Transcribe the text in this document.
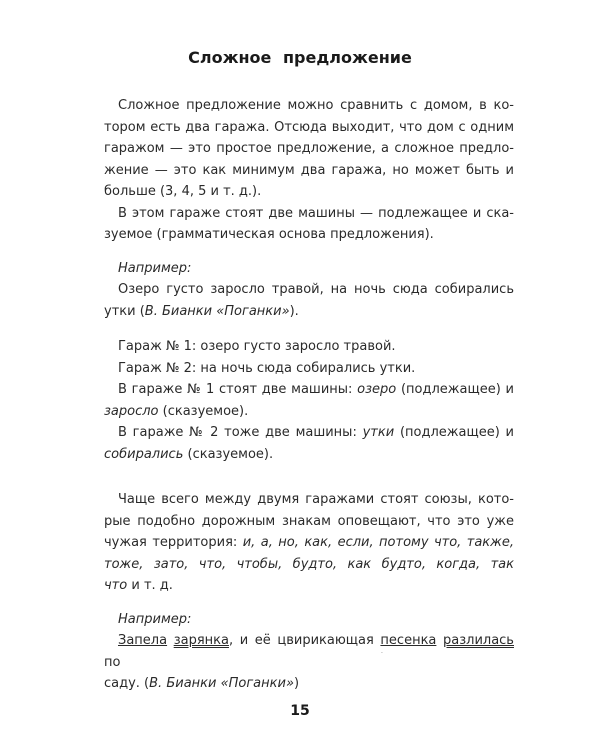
Сложное предложение
Сложное предложение можно сравнить с домом, в ко-
тором есть два гаража. Отсюда выходит, что дом с одним
гаражом — это простое предложение, а сложное предло-
жение — это как минимум два гаража, но может быть и
больше (3, 4, 5 и т. д.).
В этом гараже стоят две машины — подлежащее и ска-
зуемое (грамматическая основа предложения).
Например:
Озеро густо заросло травой, на ночь сюда собирались
утки (В. Бианки «Поганки»).
Гараж № 1: озеро густо заросло травой.
Гараж № 2: на ночь сюда собирались утки.
В гараже № 1 стоят две машины: озеро (подлежащее) и
заросло (сказуемое).
В гараже № 2 тоже две машины: утки (подлежащее) и
собирались (сказуемое).
Чаще всего между двумя гаражами стоят союзы, кото-
рые подобно дорожным знакам оповещают, что это уже
чужая территория: и, а, но, как, если, потому что, также,
тоже, зато, что, чтобы, будто, как будто, когда, так
что и т. д.
Например:
Запела зарянка, и её цвирикающая песенка разлилась по
саду. (В. Бианки «Поганки»)
·
15
